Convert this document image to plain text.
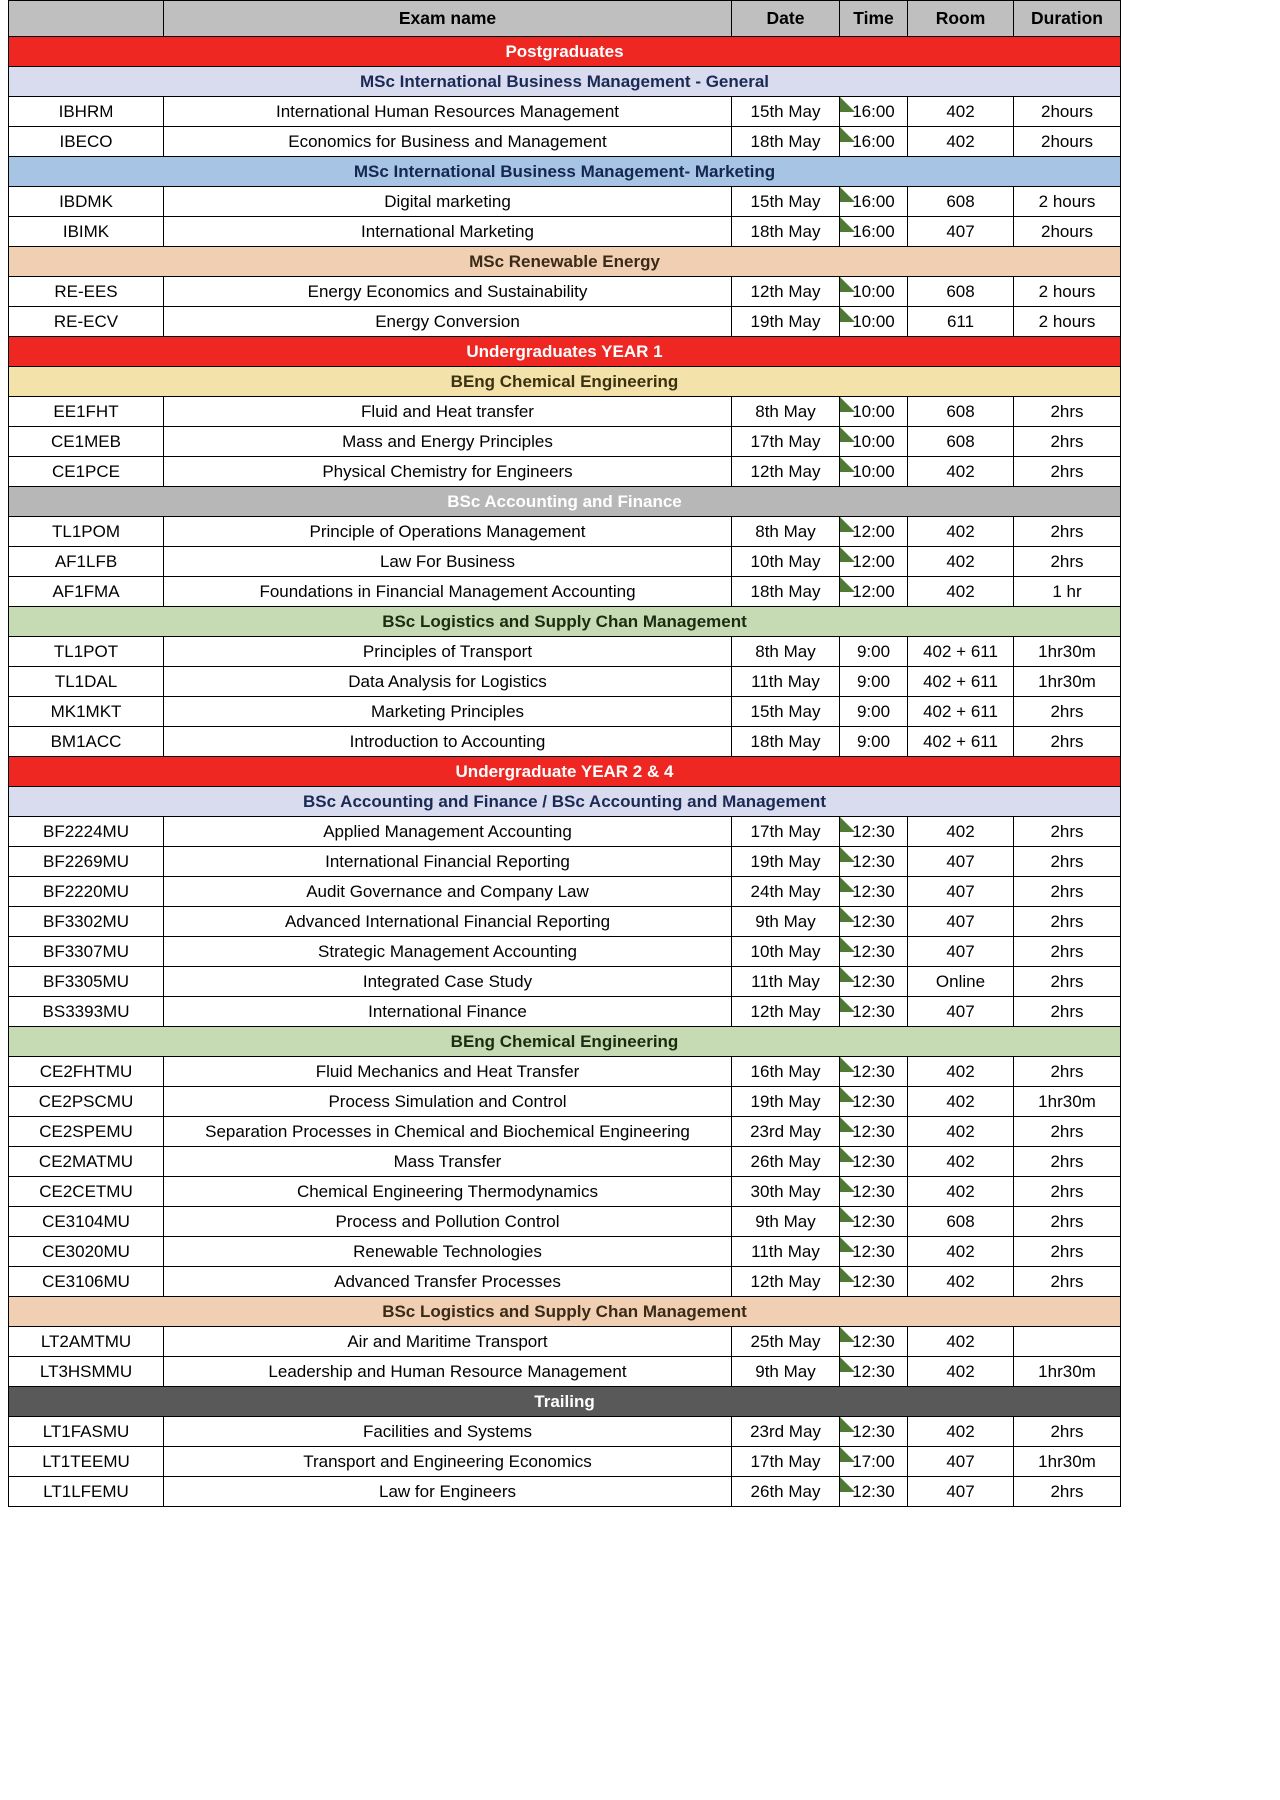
	Exam name	Date	Time	Room	Duration
Postgraduates					
MSc International Business Management - General					
IBHRM	International Human Resources Management	15th May	16:00	402	2hours
IBECO	Economics for Business and Management	18th May	16:00	402	2hours
MSc International Business Management- Marketing					
IBDMK	Digital marketing	15th May	16:00	608	2 hours
IBIMK	International Marketing	18th May	16:00	407	2hours
MSc Renewable Energy					
RE-EES	Energy Economics and Sustainability	12th May	10:00	608	2 hours
RE-ECV	Energy Conversion	19th May	10:00	611	2 hours
Undergraduates YEAR 1					
BEng Chemical Engineering					
EE1FHT	Fluid and Heat transfer	8th May	10:00	608	2hrs
CE1MEB	Mass and Energy Principles	17th May	10:00	608	2hrs
CE1PCE	Physical Chemistry for Engineers	12th May	10:00	402	2hrs
BSc Accounting and Finance					
TL1POM	Principle of Operations Management	8th May	12:00	402	2hrs
AF1LFB	Law For Business	10th May	12:00	402	2hrs
AF1FMA	Foundations in Financial Management Accounting	18th May	12:00	402	1 hr
BSc Logistics and Supply Chan Management					
TL1POT	Principles of Transport	8th May	9:00	402 + 611	1hr30m
TL1DAL	Data Analysis for Logistics	11th May	9:00	402 + 611	1hr30m
MK1MKT	Marketing Principles	15th May	9:00	402 + 611	2hrs
BM1ACC	Introduction to Accounting	18th May	9:00	402 + 611	2hrs
Undergraduate YEAR 2 & 4					
BSc Accounting and Finance / BSc Accounting and Management					
BF2224MU	Applied Management Accounting	17th May	12:30	402	2hrs
BF2269MU	International Financial Reporting	19th May	12:30	407	2hrs
BF2220MU	Audit Governance and Company Law	24th May	12:30	407	2hrs
BF3302MU	Advanced International Financial Reporting	9th May	12:30	407	2hrs
BF3307MU	Strategic Management Accounting	10th May	12:30	407	2hrs
BF3305MU	Integrated Case Study	11th May	12:30	Online	2hrs
BS3393MU	International Finance	12th May	12:30	407	2hrs
BEng Chemical Engineering					
CE2FHTMU	Fluid Mechanics and Heat Transfer	16th May	12:30	402	2hrs
CE2PSCMU	Process Simulation and Control	19th May	12:30	402	1hr30m
CE2SPEMU	Separation Processes in Chemical and Biochemical Engineering	23rd May	12:30	402	2hrs
CE2MATMU	Mass Transfer	26th May	12:30	402	2hrs
CE2CETMU	Chemical Engineering Thermodynamics	30th May	12:30	402	2hrs
CE3104MU	Process and Pollution Control	9th May	12:30	608	2hrs
CE3020MU	Renewable Technologies	11th May	12:30	402	2hrs
CE3106MU	Advanced Transfer Processes	12th May	12:30	402	2hrs
BSc Logistics and Supply Chan Management					
LT2AMTMU	Air and Maritime Transport	25th May	12:30	402	
LT3HSMMU	Leadership and Human Resource Management	9th May	12:30	402	1hr30m
Trailing					
LT1FASMU	Facilities and Systems	23rd May	12:30	402	2hrs
LT1TEEMU	Transport and Engineering Economics	17th May	17:00	407	1hr30m
LT1LFEMU	Law for Engineers	26th May	12:30	407	2hrs
